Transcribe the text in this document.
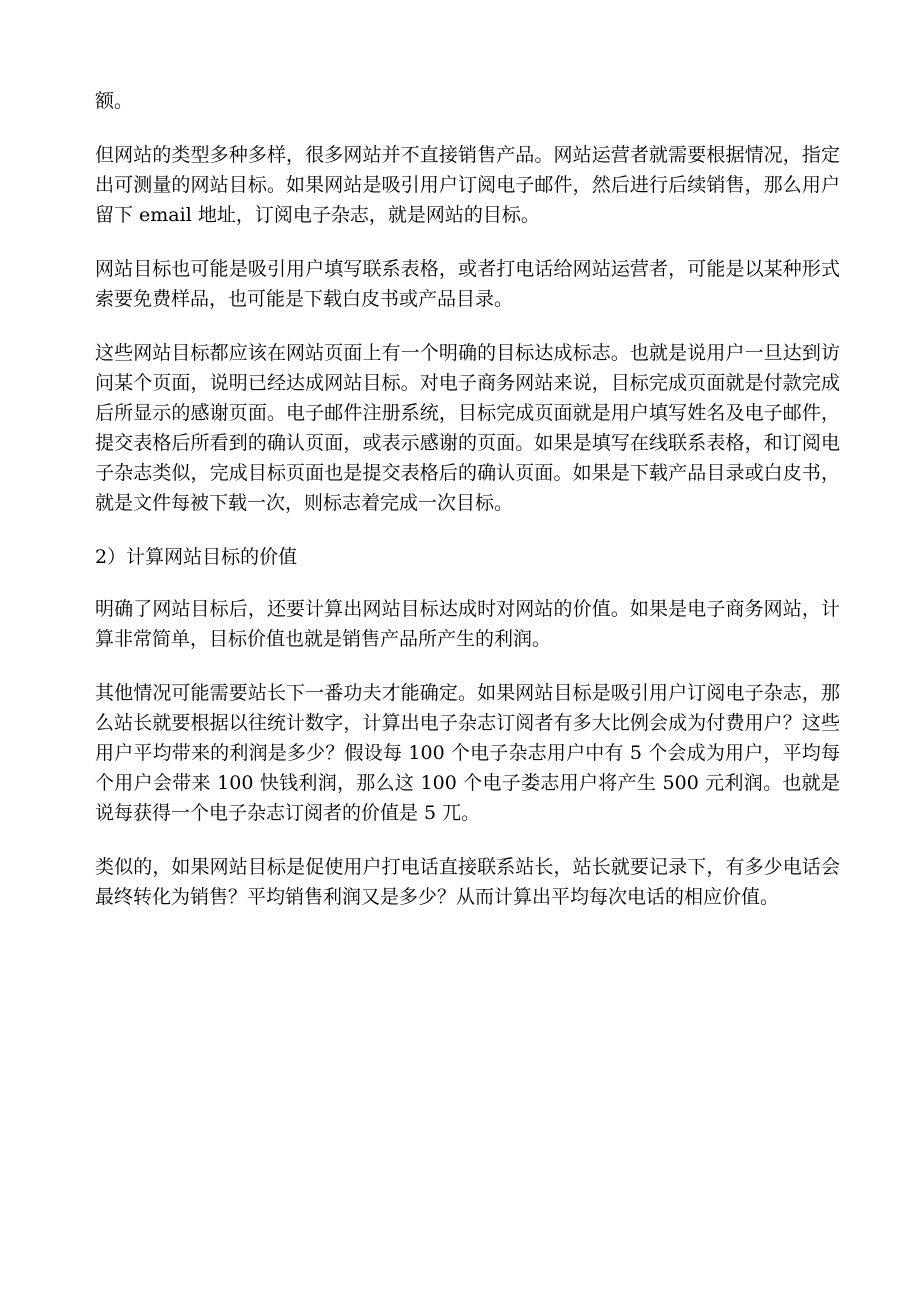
额。

但网站的类型多种多样，很多网站并不直接销售产品。网站运营者就需要根据情况，指定出可测量的网站目标。如果网站是吸引用户订阅电子邮件，然后进行后续销售，那么用户留下 email 地址，订阅电子杂志，就是网站的目标。

网站目标也可能是吸引用户填写联系表格，或者打电话给网站运营者，可能是以某种形式索要免费样品，也可能是下载白皮书或产品目录。

这些网站目标都应该在网站页面上有一个明确的目标达成标志。也就是说用户一旦达到访问某个页面，说明已经达成网站目标。对电子商务网站来说，目标完成页面就是付款完成后所显示的感谢页面。电子邮件注册系统，目标完成页面就是用户填写姓名及电子邮件，提交表格后所看到的确认页面，或表示感谢的页面。如果是填写在线联系表格，和订阅电子杂志类似，完成目标页面也是提交表格后的确认页面。如果是下载产品目录或白皮书，就是文件每被下载一次，则标志着完成一次目标。

2）计算网站目标的价值

明确了网站目标后，还要计算出网站目标达成时对网站的价值。如果是电子商务网站，计算非常简单，目标价值也就是销售产品所产生的利润。

其他情况可能需要站长下一番功夫才能确定。如果网站目标是吸引用户订阅电子杂志，那么站长就要根据以往统计数字，计算出电子杂志订阅者有多大比例会成为付费用户？这些用户平均带来的利润是多少？假设每 100 个电子杂志用户中有 5 个会成为用户，平均每个用户会带来 100 快钱利润，那么这 100 个电子娄志用户将产生 500 元利润。也就是说每获得一个电子杂志订阅者的价值是 5 兀。

类似的，如果网站目标是促使用户打电话直接联系站长，站长就要记录下，有多少电话会最终转化为销售？平均销售利润又是多少？从而计算出平均每次电话的相应价值。
